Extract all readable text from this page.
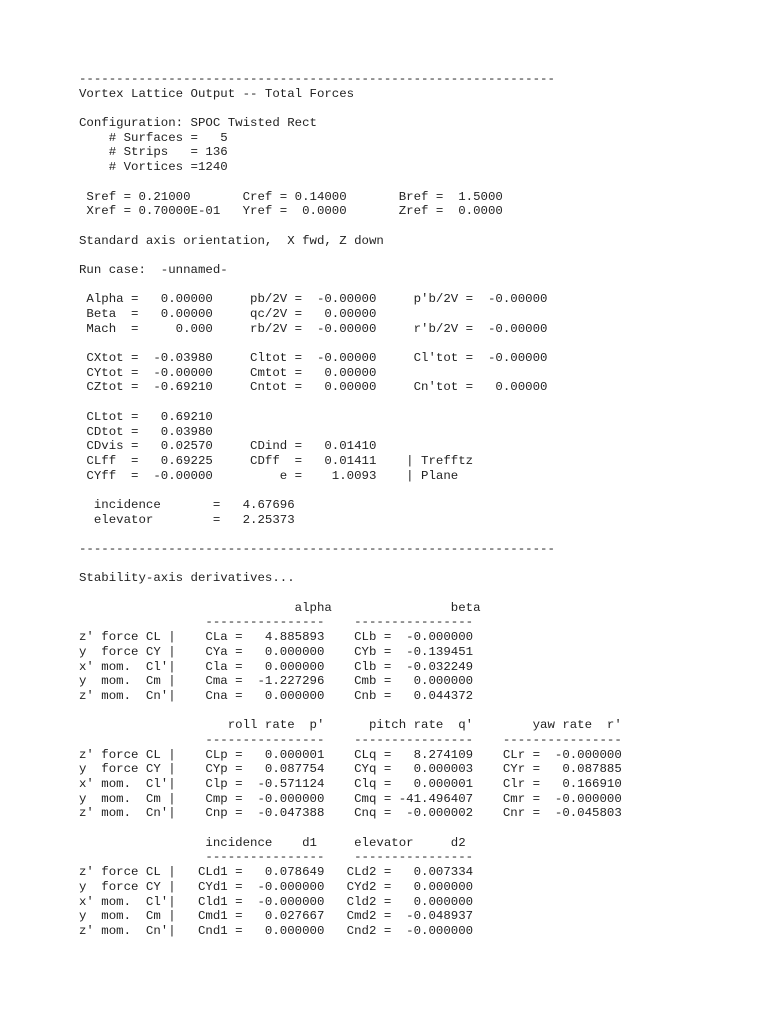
----------------------------------------------------------------
Vortex Lattice Output -- Total Forces
Configuration: SPOC Twisted Rect
# Surfaces =   5
# Strips   = 136
# Vortices =1240
Sref = 0.21000       Cref = 0.14000       Bref =  1.5000
Xref = 0.70000E-01   Yref =  0.0000       Zref =  0.0000
Standard axis orientation,  X fwd, Z down
Run case:  -unnamed-
Alpha =   0.00000     pb/2V =  -0.00000     p'b/2V =  -0.00000
Beta  =   0.00000     qc/2V =   0.00000
Mach  =     0.000     rb/2V =  -0.00000     r'b/2V =  -0.00000
CXtot =  -0.03980     Cltot =  -0.00000     Cl'tot =  -0.00000
CYtot =  -0.00000     Cmtot =   0.00000
CZtot =  -0.69210     Cntot =   0.00000     Cn'tot =   0.00000
CLtot =   0.69210
CDtot =   0.03980
CDvis =   0.02570     CDind =   0.01410
CLff  =   0.69225     CDff  =   0.01411    | Trefftz
CYff  =  -0.00000         e =    1.0093    | Plane
incidence       =   4.67696
elevator        =   2.25373
----------------------------------------------------------------
Stability-axis derivatives...
alpha                beta
----------------    ----------------
z' force CL |    CLa =   4.885893    CLb =  -0.000000
y  force CY |    CYa =   0.000000    CYb =  -0.139451
x' mom.  Cl'|    Cla =   0.000000    Clb =  -0.032249
y  mom.  Cm |    Cma =  -1.227296    Cmb =   0.000000
z' mom.  Cn'|    Cna =   0.000000    Cnb =   0.044372
roll rate  p'      pitch rate  q'        yaw rate  r'
----------------    ----------------    ----------------
z' force CL |    CLp =   0.000001    CLq =   8.274109    CLr =  -0.000000
y  force CY |    CYp =   0.087754    CYq =   0.000003    CYr =   0.087885
x' mom.  Cl'|    Clp =  -0.571124    Clq =   0.000001    Clr =   0.166910
y  mom.  Cm |    Cmp =  -0.000000    Cmq = -41.496407    Cmr =  -0.000000
z' mom.  Cn'|    Cnp =  -0.047388    Cnq =  -0.000002    Cnr =  -0.045803
incidence    d1     elevator     d2
----------------    ----------------
z' force CL |   CLd1 =   0.078649   CLd2 =   0.007334
y  force CY |   CYd1 =  -0.000000   CYd2 =   0.000000
x' mom.  Cl'|   Cld1 =  -0.000000   Cld2 =   0.000000
y  mom.  Cm |   Cmd1 =   0.027667   Cmd2 =  -0.048937
z' mom.  Cn'|   Cnd1 =   0.000000   Cnd2 =  -0.000000
